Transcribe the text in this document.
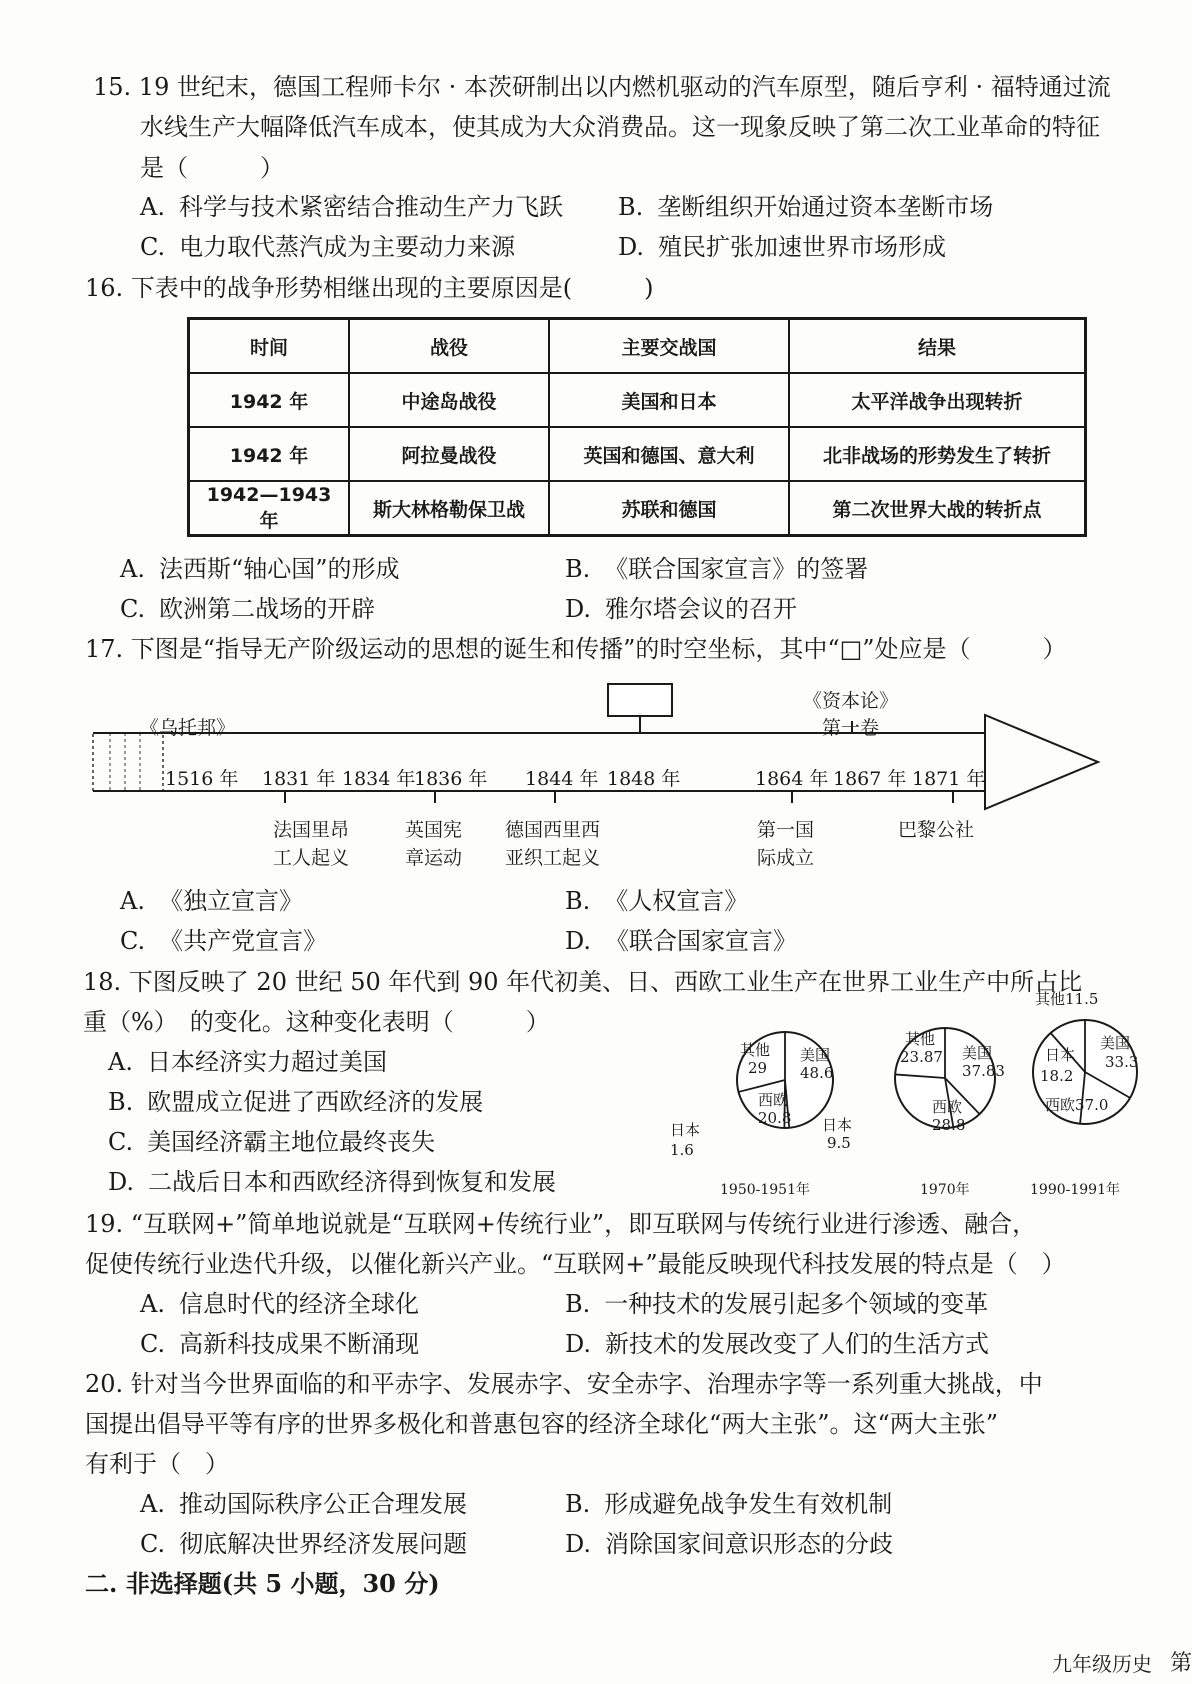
15. 19 世纪末，德国工程师卡尔 · 本茨研制出以内燃机驱动的汽车原型，随后亨利 · 福特通过流
水线生产大幅降低汽车成本，使其成为大众消费品。这一现象反映了第二次工业革命的特征
是（　　　）
A. 科学与技术紧密结合推动生产力飞跃 B. 垄断组织开始通过资本垄断市场
C. 电力取代蒸汽成为主要动力来源	D. 殖民扩张加速世界市场形成
16. 下表中的战争形势相继出现的主要原因是(　　　)
时间	战役	主要交战国	结果
1942 年	中途岛战役	美国和日本	太平洋战争出现转折
1942 年	阿拉曼战役	英国和德国、意大利	北非战场的形势发生了转折
1942—1943 年	斯大林格勒保卫战	苏联和德国	第二次世界大战的转折点
A. 法西斯“轴心国”的形成	B. 《联合国家宣言》的签署
C. 欧洲第二战场的开辟	D. 雅尔塔会议的召开
17. 下图是“指导无产阶级运动的思想的诞生和传播”的时空坐标，其中“□”处应是（　　　）
《乌托邦》
《资本论》
第一卷
1516 年 1831 年 1834 年
1836 年 1844 年 1848 年	1864 年 1867 年 1871 年
法国里昂
工人起义
英国宪
章运动
德国西里西
亚织工起义
第一国
际成立
巴黎公社
A. 《独立宣言》	B. 《人权宣言》
C. 《共产党宣言》	D. 《联合国家宣言》
18. 下图反映了 20 世纪 50 年代到 90 年代初美、日、西欧工业生产在世界工业生产中所占比
重（%）　的变化。这种变化表明（　　　）
A. 日本经济实力超过美国
B. 欧盟成立促进了西欧经济的发展
C. 美国经济霸主地位最终丧失
D. 二战后日本和西欧经济得到恢复和发展
美国
48.6
日本
1.6
西欧
20.8
其他
29
1950-1951年
美国
37.83
日本
9.5
西欧
28.8
其他
23.87
1970年
美国
33.3
日本
18.2
西欧37.0
其他11.5
1990-1991年
19. “互联网+”简单地说就是“互联网+传统行业”，即互联网与传统行业进行渗透、融合，
促使传统行业迭代升级，以催化新兴产业。“互联网+”最能反映现代科技发展的特点是（　）
A. 信息时代的经济全球化	B. 一种技术的发展引起多个领域的变革
C. 高新科技成果不断涌现	D. 新技术的发展改变了人们的生活方式
20. 针对当今世界面临的和平赤字、发展赤字、安全赤字、治理赤字等一系列重大挑战，中
国提出倡导平等有序的世界多极化和普惠包容的经济全球化“两大主张”。这“两大主张”
有利于（　）
A. 推动国际秩序公正合理发展	B. 形成避免战争发生有效机制
C. 彻底解决世界经济发展问题	D. 消除国家间意识形态的分歧
二. 非选择题(共 5 小题，30 分)
九年级历史 第
